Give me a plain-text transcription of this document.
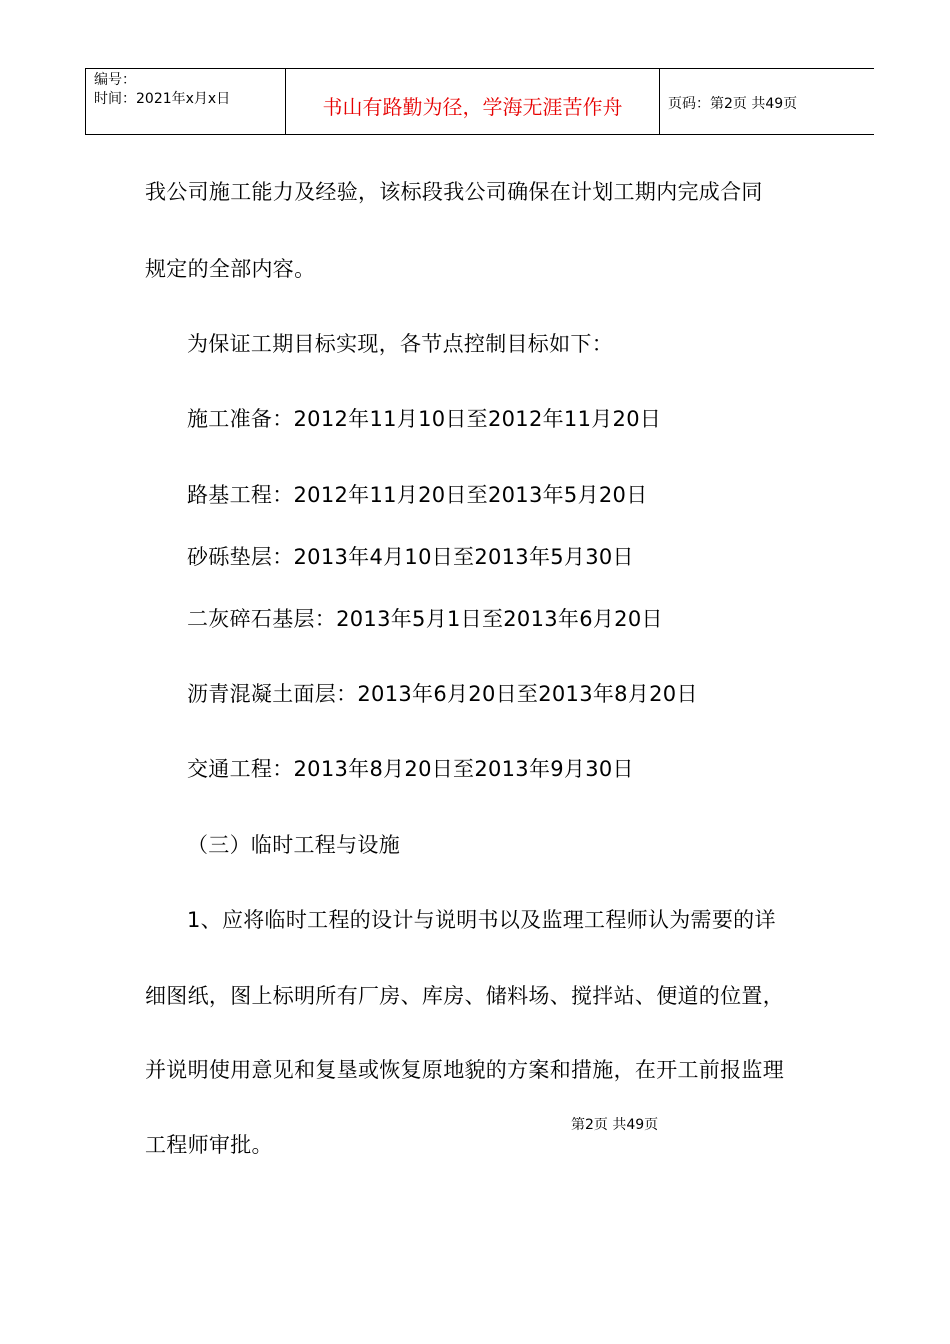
编号：
时间：2021年x月x日	书山有路勤为径，学海无涯苦作舟	页码：第2页 共49页
我公司施工能力及经验，该标段我公司确保在计划工期内完成合同
规定的全部内容。
为保证工期目标实现，各节点控制目标如下：
施工准备：2012年11月10日至2012年11月20日
路基工程：2012年11月20日至2013年5月20日
砂砾垫层：2013年4月10日至2013年5月30日
二灰碎石基层：2013年5月1日至2013年6月20日
沥青混凝土面层：2013年6月20日至2013年8月20日
交通工程：2013年8月20日至2013年9月30日
（三）临时工程与设施
1、应将临时工程的设计与说明书以及监理工程师认为需要的详
细图纸，图上标明所有厂房、库房、储料场、搅拌站、便道的位置，
并说明使用意见和复垦或恢复原地貌的方案和措施，在开工前报监理
工程师审批。
第2页 共49页
